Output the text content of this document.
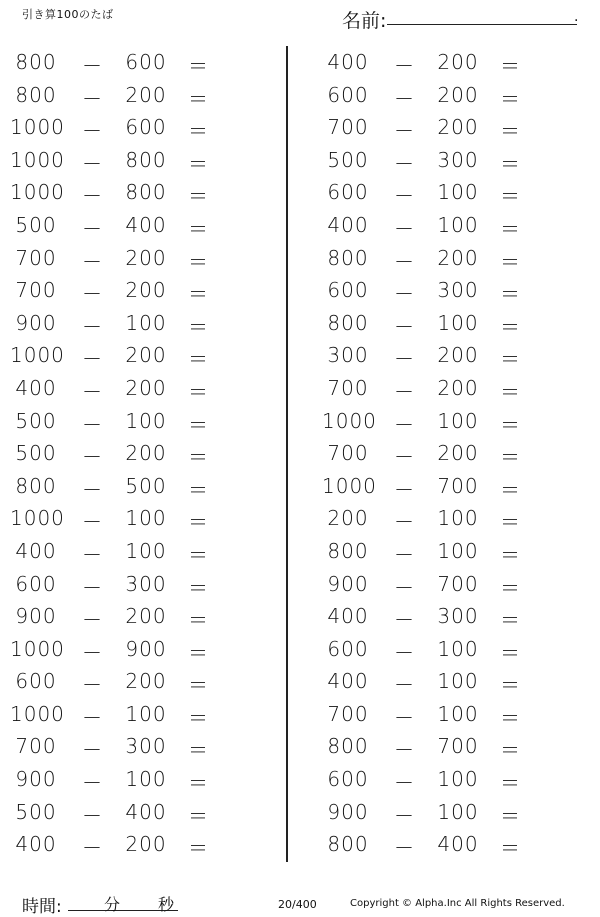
引き算100のたば	名前:	.
800 － 600 ＝
800 － 200 ＝
1000 － 600 ＝
1000 － 800 ＝
1000 － 800 ＝
500 － 400 ＝
700 － 200 ＝
700 － 200 ＝
900 － 100 ＝
1000 － 200 ＝
400 － 200 ＝
500 － 100 ＝
500 － 200 ＝
800 － 500 ＝
1000 － 100 ＝
400 － 100 ＝
600 － 300 ＝
900 － 200 ＝
1000 － 900 ＝
600 － 200 ＝
1000 － 100 ＝
700 － 300 ＝
900 － 100 ＝
500 － 400 ＝
400 － 200 ＝
400 － 200 ＝
600 － 200 ＝
700 － 200 ＝
500 － 300 ＝
600 － 100 ＝
400 － 100 ＝
800 － 200 ＝
600 － 300 ＝
800 － 100 ＝
300 － 200 ＝
700 － 200 ＝
1000 － 100 ＝
700 － 200 ＝
1000 － 700 ＝
200 － 100 ＝
800 － 100 ＝
900 － 700 ＝
400 － 300 ＝
600 － 100 ＝
400 － 100 ＝
700 － 100 ＝
800 － 700 ＝
600 － 100 ＝
900 － 100 ＝
800 － 400 ＝
時間:	分 秒	20/400	Copyright © Alpha.Inc All Rights Reserved.
